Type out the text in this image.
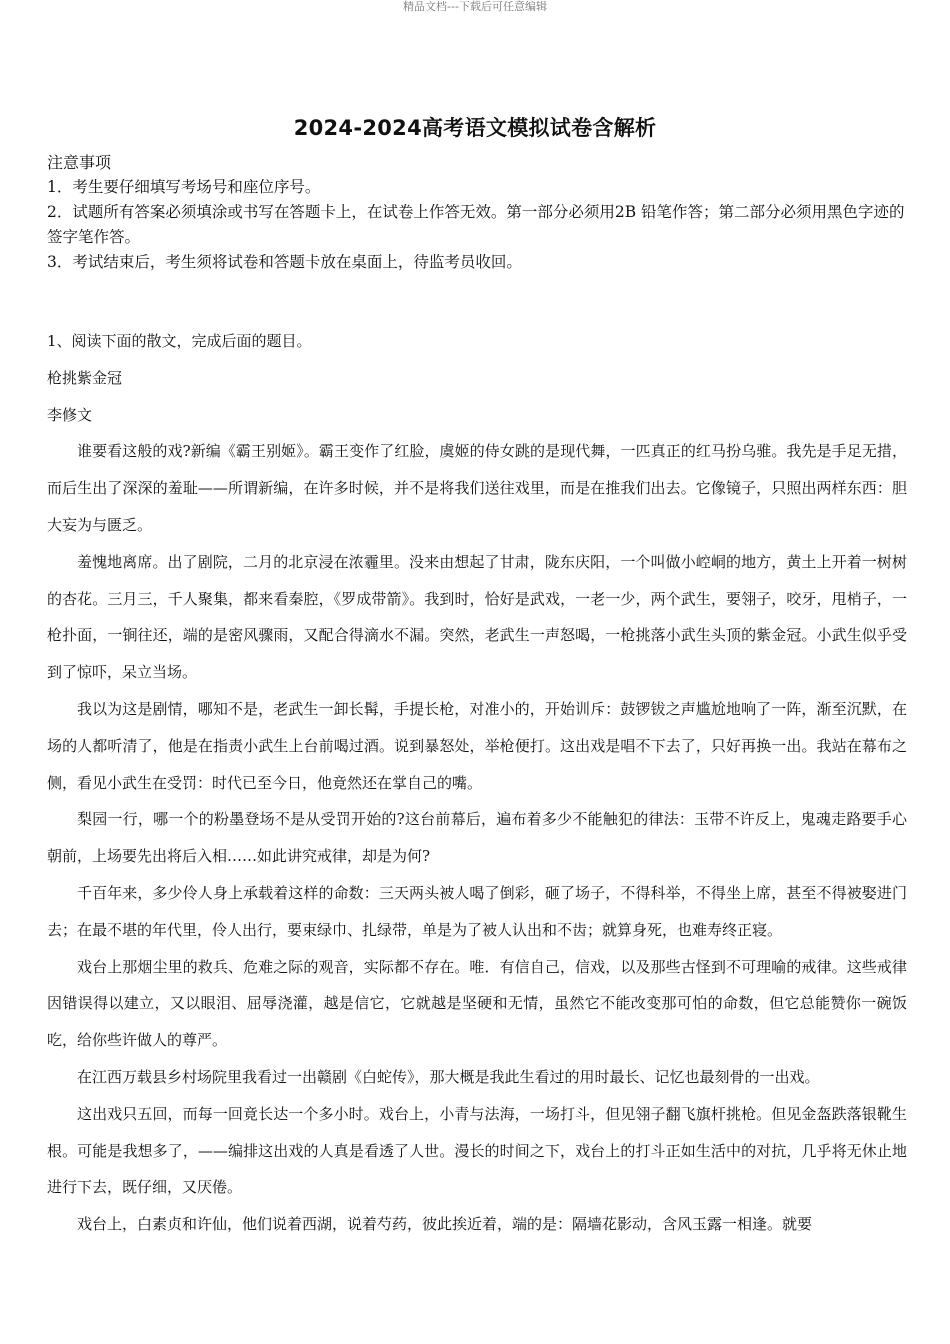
精品文档---下载后可任意编辑
2024-2024高考语文模拟试卷含解析

注意事项

1．考生要仔细填写考场号和座位序号。

2．试题所有答案必须填涂或书写在答题卡上，在试卷上作答无效。第一部分必须用2B 铅笔作答；第二部分必须用黑色字迹的签字笔作答。

3．考试结束后，考生须将试卷和答题卡放在桌面上，待监考员收回。

1、阅读下面的散文，完成后面的题目。

枪挑紫金冠

李修文

谁要看这般的戏?新编《霸王别姬》。霸王变作了红脸，虞姬的侍女跳的是现代舞，一匹真正的红马扮乌骓。我先是手足无措，而后生出了深深的羞耻——所谓新编，在许多时候，并不是将我们送往戏里，而是在推我们出去。它像镜子，只照出两样东西：胆大妄为与匮乏。

羞愧地离席。出了剧院，二月的北京浸在浓霾里。没来由想起了甘肃，陇东庆阳，一个叫做小崆峒的地方，黄土上开着一树树的杏花。三月三，千人聚集，都来看秦腔，《罗成带箭》。我到时，恰好是武戏，一老一少，两个武生，要翎子，咬牙，甩梢子，一枪扑面，一锏往还，端的是密风骤雨，又配合得滴水不漏。突然，老武生一声怒喝，一枪挑落小武生头顶的紫金冠。小武生似乎受到了惊吓，呆立当场。

我以为这是剧情，哪知不是，老武生一卸长髯，手提长枪，对准小的，开始训斥：鼓锣钹之声尴尬地响了一阵，渐至沉默，在场的人都听清了，他是在指责小武生上台前喝过酒。说到暴怒处，举枪便打。这出戏是唱不下去了，只好再换一出。我站在幕布之侧，看见小武生在受罚：时代已至今日，他竟然还在掌自己的嘴。

梨园一行，哪一个的粉墨登场不是从受罚开始的?这台前幕后，遍布着多少不能触犯的律法：玉带不许反上，鬼魂走路要手心朝前，上场要先出将后入相……如此讲究戒律，却是为何?

千百年来，多少伶人身上承载着这样的命数：三天两头被人喝了倒彩，砸了场子，不得科举，不得坐上席，甚至不得被娶进门去；在最不堪的年代里，伶人出行，要束绿巾、扎绿带，单是为了被人认出和不齿；就算身死，也难寿终正寝。

戏台上那烟尘里的救兵、危难之际的观音，实际都不存在。唯．有信自己，信戏，以及那些古怪到不可理喻的戒律。这些戒律因错误得以建立，又以眼泪、屈辱浇灌，越是信它，它就越是坚硬和无情，虽然它不能改变那可怕的命数，但它总能赞你一碗饭吃，给你些许做人的尊严。

在江西万载县乡村场院里我看过一出赣剧《白蛇传》，那大概是我此生看过的用时最长、记忆也最刻骨的一出戏。

这出戏只五回，而每一回竟长达一个多小时。戏台上，小青与法海，一场打斗，但见翎子翻飞旗杆挑枪。但见金盔跌落银靴生根。可能是我想多了，——编排这出戏的人真是看透了人世。漫长的时间之下，戏台上的打斗正如生活中的对抗，几乎将无休止地进行下去，既仔细，又厌倦。

戏台上，白素贞和许仙，他们说着西湖，说着芍药，彼此挨近着，端的是：隔墙花影动，含风玉露一相逢。就要
